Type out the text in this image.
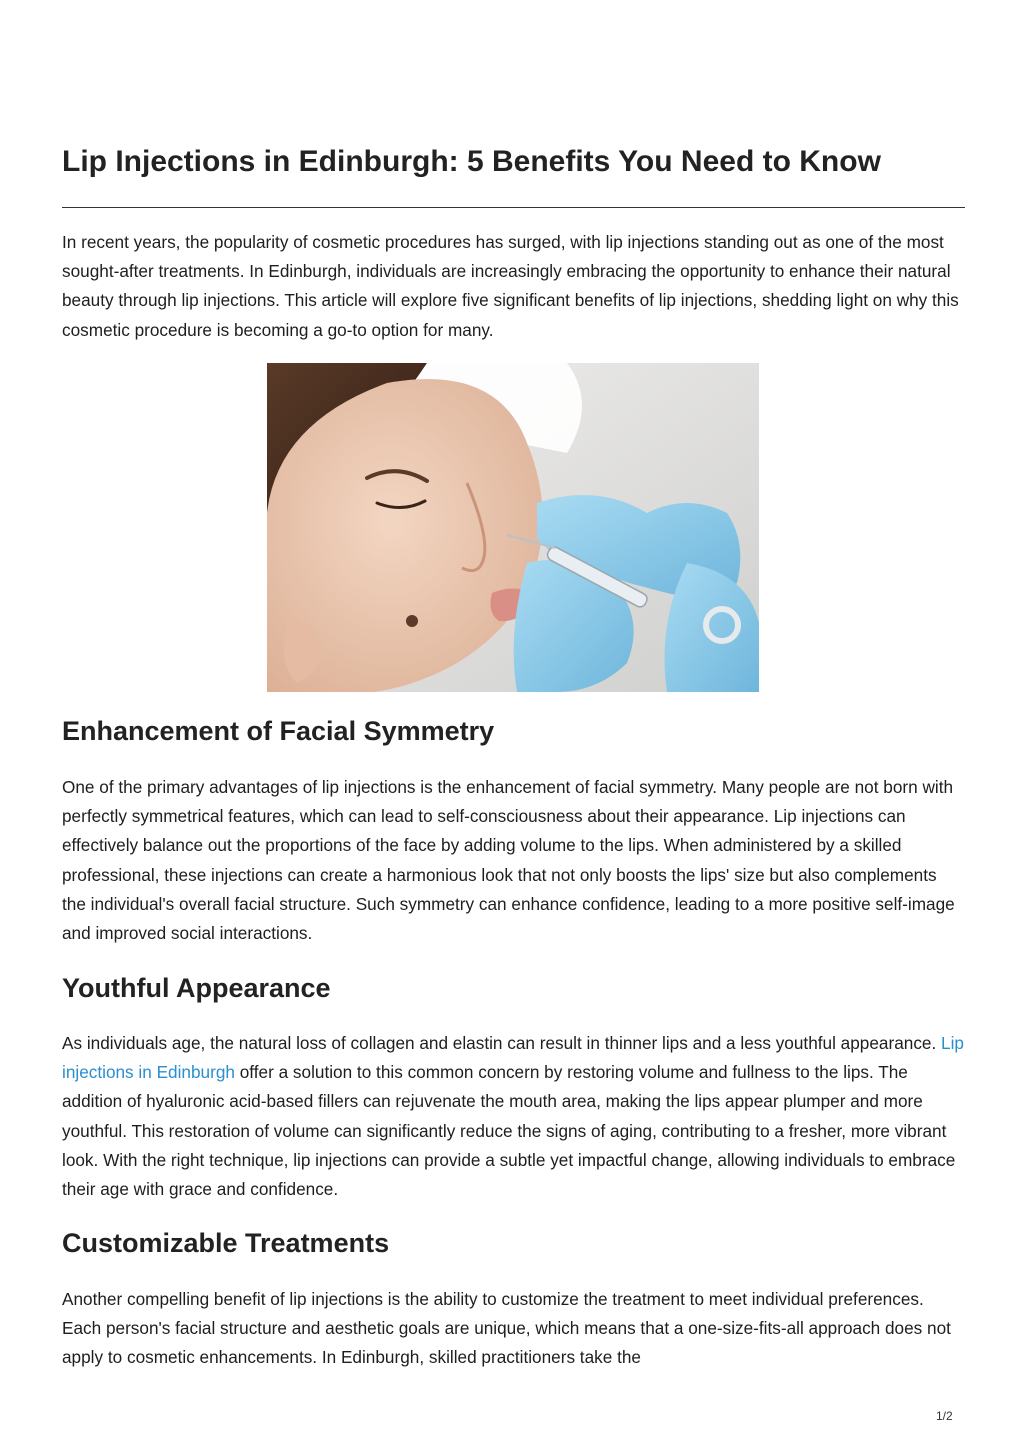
Lip Injections in Edinburgh: 5 Benefits You Need to Know

In recent years, the popularity of cosmetic procedures has surged, with lip injections standing out as one of the most sought-after treatments. In Edinburgh, individuals are increasingly embracing the opportunity to enhance their natural beauty through lip injections. This article will explore five significant benefits of lip injections, shedding light on why this cosmetic procedure is becoming a go-to option for many.

Enhancement of Facial Symmetry

One of the primary advantages of lip injections is the enhancement of facial symmetry. Many people are not born with perfectly symmetrical features, which can lead to self-consciousness about their appearance. Lip injections can effectively balance out the proportions of the face by adding volume to the lips. When administered by a skilled professional, these injections can create a harmonious look that not only boosts the lips' size but also complements the individual's overall facial structure. Such symmetry can enhance confidence, leading to a more positive self-image and improved social interactions.

Youthful Appearance

As individuals age, the natural loss of collagen and elastin can result in thinner lips and a less youthful appearance. Lip injections in Edinburgh offer a solution to this common concern by restoring volume and fullness to the lips. The addition of hyaluronic acid-based fillers can rejuvenate the mouth area, making the lips appear plumper and more youthful. This restoration of volume can significantly reduce the signs of aging, contributing to a fresher, more vibrant look. With the right technique, lip injections can provide a subtle yet impactful change, allowing individuals to embrace their age with grace and confidence.

Customizable Treatments

Another compelling benefit of lip injections is the ability to customize the treatment to meet individual preferences. Each person's facial structure and aesthetic goals are unique, which means that a one-size-fits-all approach does not apply to cosmetic enhancements. In Edinburgh, skilled practitioners take the

1/2
